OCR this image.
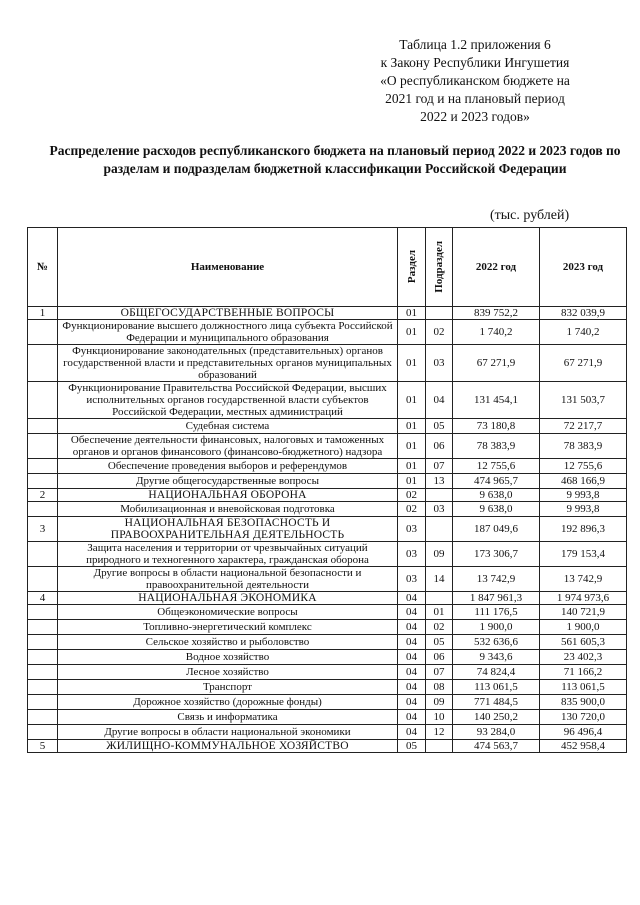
Таблица 1.2 приложения 6
к Закону Республики Ингушетия
«О республиканском бюджете на
2021 год и на плановый период
2022 и 2023 годов»
Распределение расходов республиканского бюджета на плановый период 2022 и 2023 годов по разделам и подразделам бюджетной классификации Российской Федерации
(тыс. рублей)
№	Наименование	Раздел	Подраздел	2022 год	2023 год
1	ОБЩЕГОСУДАРСТВЕННЫЕ ВОПРОСЫ	01		839 752,2	832 039,9
	Функционирование высшего должностного лица субъекта Российской Федерации и муниципального образования	01	02	1 740,2	1 740,2
	Функционирование законодательных (представительных) органов государственной власти и представительных органов муниципальных образований	01	03	67 271,9	67 271,9
	Функционирование Правительства Российской Федерации, высших исполнительных органов государственной власти субъектов Российской Федерации, местных администраций	01	04	131 454,1	131 503,7
	Судебная система	01	05	73 180,8	72 217,7
	Обеспечение деятельности финансовых, налоговых и таможенных органов и органов финансового (финансово-бюджетного) надзора	01	06	78 383,9	78 383,9
	Обеспечение проведения выборов и референдумов	01	07	12 755,6	12 755,6
	Другие общегосударственные вопросы	01	13	474 965,7	468 166,9
2	НАЦИОНАЛЬНАЯ ОБОРОНА	02		9 638,0	9 993,8
	Мобилизационная и вневойсковая подготовка	02	03	9 638,0	9 993,8
3	НАЦИОНАЛЬНАЯ БЕЗОПАСНОСТЬ И ПРАВООХРАНИТЕЛЬНАЯ ДЕЯТЕЛЬНОСТЬ	03		187 049,6	192 896,3
	Защита населения и территории от чрезвычайных ситуаций природного и техногенного характера, гражданская оборона	03	09	173 306,7	179 153,4
	Другие вопросы в области национальной безопасности и правоохранительной деятельности	03	14	13 742,9	13 742,9
4	НАЦИОНАЛЬНАЯ ЭКОНОМИКА	04		1 847 961,3	1 974 973,6
	Общеэкономические вопросы	04	01	111 176,5	140 721,9
	Топливно-энергетический комплекс	04	02	1 900,0	1 900,0
	Сельское хозяйство и рыболовство	04	05	532 636,6	561 605,3
	Водное хозяйство	04	06	9 343,6	23 402,3
	Лесное хозяйство	04	07	74 824,4	71 166,2
	Транспорт	04	08	113 061,5	113 061,5
	Дорожное хозяйство (дорожные фонды)	04	09	771 484,5	835 900,0
	Связь и информатика	04	10	140 250,2	130 720,0
	Другие вопросы в области национальной экономики	04	12	93 284,0	96 496,4
5	ЖИЛИЩНО-КОММУНАЛЬНОЕ ХОЗЯЙСТВО	05		474 563,7	452 958,4
